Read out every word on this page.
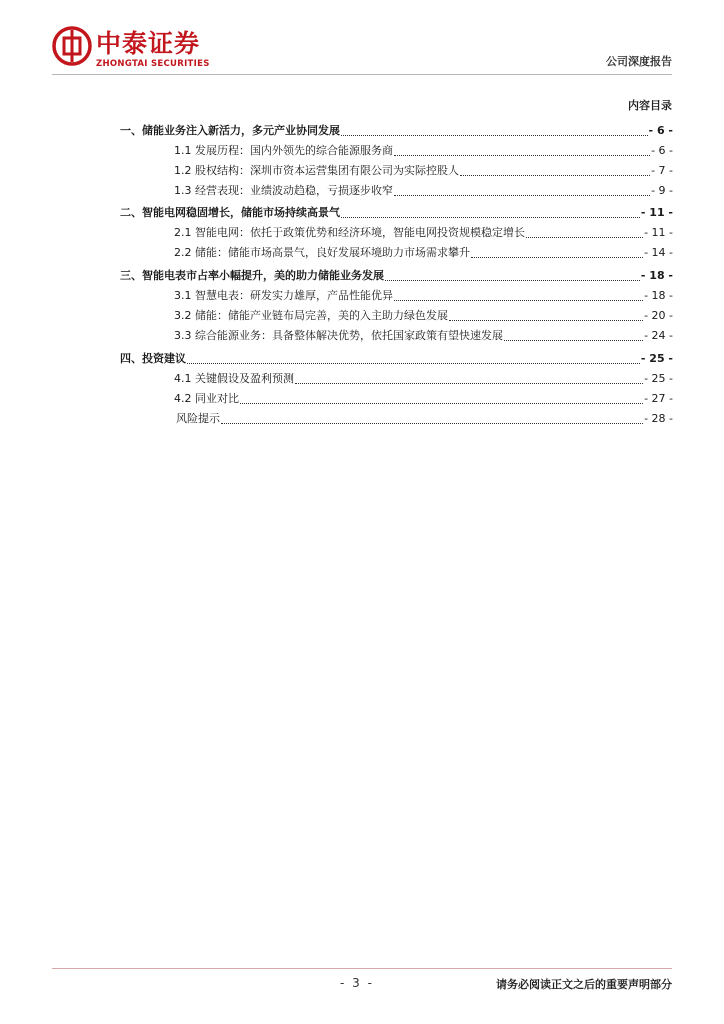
中泰证券
ZHONGTAI SECURITIES	公司深度报告
内容目录
一、储能业务注入新活力，多元产业协同发展	- 6 -
1.1 发展历程：国内外领先的综合能源服务商	- 6 -
1.2 股权结构：深圳市资本运营集团有限公司为实际控股人	- 7 -
1.3 经营表现：业绩波动趋稳，亏损逐步收窄	- 9 -
二、智能电网稳固增长，储能市场持续高景气	- 11 -
2.1 智能电网：依托于政策优势和经济环境，智能电网投资规模稳定增长	- 11 -
2.2 储能：储能市场高景气，良好发展环境助力市场需求攀升	- 14 -
三、智能电表市占率小幅提升，美的助力储能业务发展	- 18 -
3.1 智慧电表：研发实力雄厚，产品性能优异	- 18 -
3.2 储能：储能产业链布局完善，美的入主助力绿色发展	- 20 -
3.3 综合能源业务：具备整体解决优势，依托国家政策有望快速发展	- 24 -
四、投资建议	- 25 -
4.1 关键假设及盈利预测	- 25 -
4.2 同业对比	- 27 -
风险提示	- 28 -
- 3 -	请务必阅读正文之后的重要声明部分
